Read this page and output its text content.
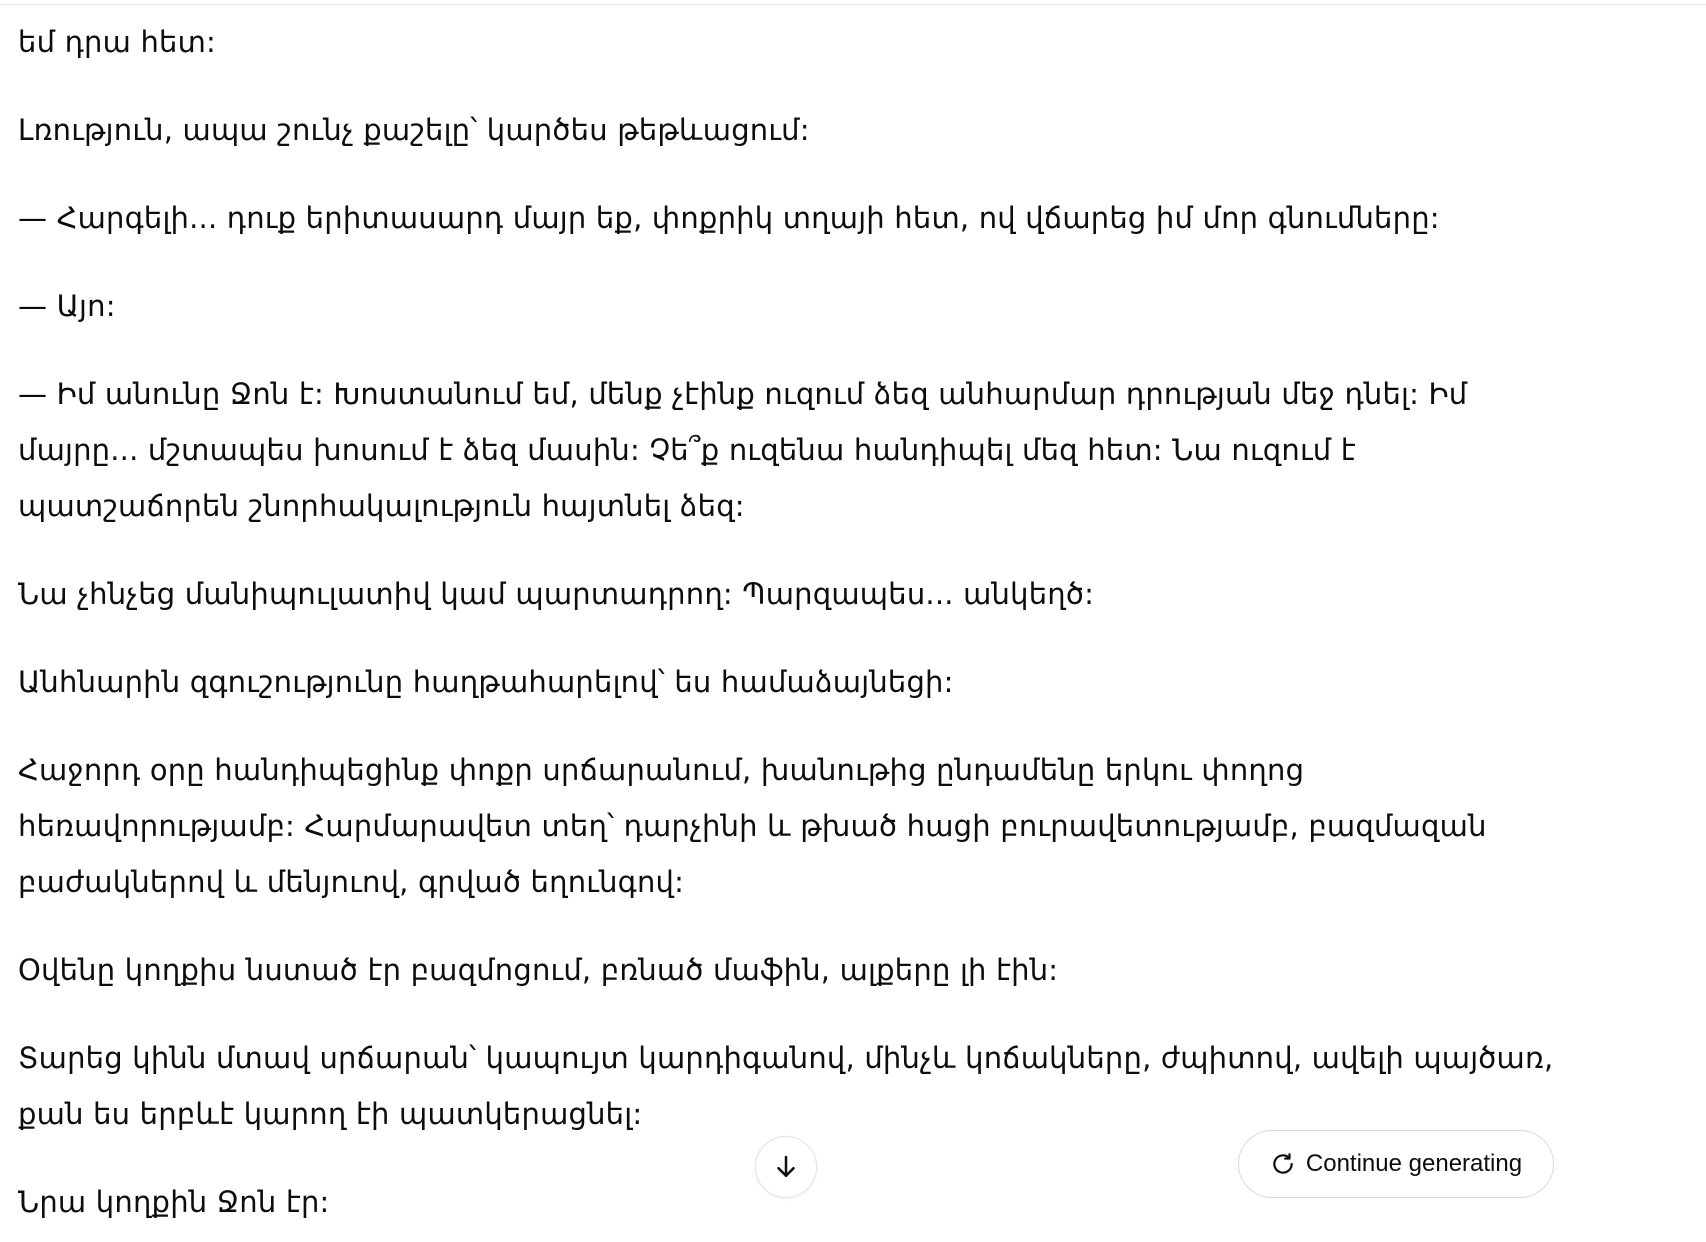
եմ դրա հետ:

Լռություն, ապա շունչ քաշելը՝ կարծես թեթևացում:

— Հարգելի... դուք երիտասարդ մայր եք, փոքրիկ տղայի հետ, ով վճարեց իմ մոր գնումները:

— Այո:

— Իմ անունը Ջոն է: Խոստանում եմ, մենք չէինք ուզում ձեզ անհարմար դրության մեջ դնել: Իմ մայրը... մշտապես խոսում է ձեզ մասին: Չե՞ք ուզենա հանդիպել մեզ հետ: Նա ուզում է պատշաճորեն շնորհակալություն հայտնել ձեզ:

Նա չհնչեց մանիպուլատիվ կամ պարտադրող: Պարզապես... անկեղծ:

Անհնարին զգուշությունը հաղթահարելով՝ ես համաձայնեցի:

Հաջորդ օրը հանդիպեցինք փոքր սրճարանում, խանութից ընդամենը երկու փողոց հեռավորությամբ: Հարմարավետ տեղ՝ դարչինի և թխած հացի բուրավետությամբ, բազմազան բաժակներով և մենյուով, գրված եղունգով:

Օվենը կողքիս նստած էր բազմոցում, բռնած մաֆին, ալքերը լի էին:

Տարեց կինն մտավ սրճարան՝ կապույտ կարդիգանով, մինչև կոճակները, ժպիտով, ավելի պայծառ, քան ես երբևէ կարող էի պատկերացնել:

Նրա կողքին Ջոն էր:

Continue generating
